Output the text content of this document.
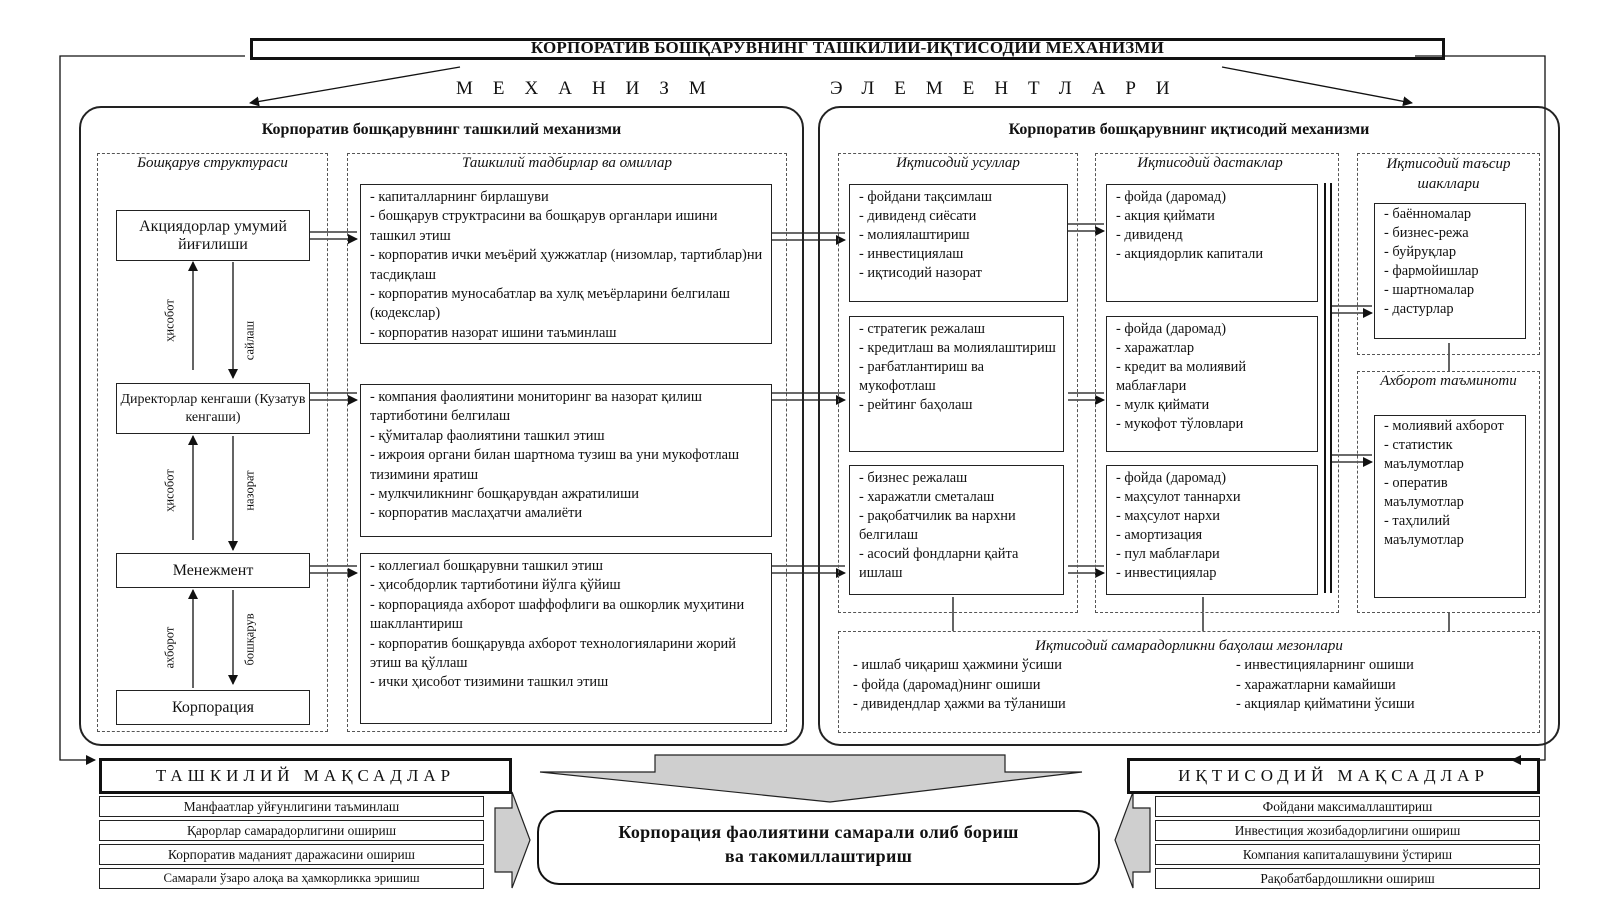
КОРПОРАТИВ БОШҚАРУВНИНГ ТАШКИЛИЙ-ИҚТИСОДИЙ МЕХАНИЗМИ
МЕХАНИЗМ	ЭЛЕМЕНТЛАРИ
Корпоратив бошқарувнинг ташкилий механизми
Бошқарув структураси
Акциядорлар умумий йиғилиши
Директорлар кенгаши (Кузатув кенгаши)
Менежмент
Корпорация
ҳисобот	сайлаш
ҳисобот	назорат
ахборот	бошқарув
Ташкилий тадбирлар ва омиллар
- капиталларнинг бирлашуви
- бошқарув структрасини ва бошқарув органлари ишини ташкил этиш
- корпоратив ички меъёрий ҳужжатлар (низомлар, тартиблар)ни тасдиқлаш
- корпоратив муносабатлар ва хулқ меъёрларини белгилаш (кодекслар)
- корпоратив назорат ишини таъминлаш
- компания фаолиятини мониторинг ва назорат қилиш тартиботини белгилаш
- қўмиталар фаолиятини ташкил этиш
- ижроия органи билан шартнома тузиш ва уни мукофотлаш тизимини яратиш
- мулкчиликнинг бошқарувдан ажратилиши
- корпоратив маслаҳатчи амалиёти
- коллегиал бошқарувни ташкил этиш
- ҳисобдорлик тартиботини йўлга қўйиш
- корпорацияда ахборот шаффофлиги ва ошкорлик муҳитини шакллантириш
- корпоратив бошқарувда ахборот технологияларини жорий этиш ва қўллаш
- ички ҳисобот тизимини ташкил этиш
Корпоратив бошқарувнинг иқтисодий механизми
Иқтисодий усуллар
- фойдани тақсимлаш
- дивиденд сиёсати
- молиялаштириш
- инвестициялаш
- иқтисодий назорат
- стратегик режалаш
- кредитлаш ва молиялаштириш
- рағбатлантириш ва мукофотлаш
- рейтинг баҳолаш
- бизнес режалаш
- харажатли сметалаш
- рақобатчилик ва нархни белгилаш
- асосий фондларни қайта ишлаш
Иқтисодий дастаклар
- фойда (даромад)
- акция қиймати
- дивиденд
- акциядорлик капитали
- фойда (даромад)
- харажатлар
- кредит ва молиявий маблағлари
- мулк қиймати
- мукофот тўловлари
- фойда (даромад)
- маҳсулот таннархи
- маҳсулот нархи
- амортизация
- пул маблағлари
- инвестициялар
Иқтисодий таъсир шакллари
- баённомалар
- бизнес-режа
- буйруқлар
- фармойишлар
- шартномалар
- дастурлар
Ахборот таъминоти
- молиявий ахборот
- статистик маълумотлар
- оператив маълумотлар
- таҳлилий маълумотлар
Иқтисодий самарадорликни баҳолаш мезонлари
- ишлаб чиқариш ҳажмини ўсиши
- фойда (даромад)нинг ошиши
- дивидендлар ҳажми ва тўланиши
- инвестицияларнинг ошиши
- харажатларни камайиши
- акциялар қийматини ўсиши
ТАШКИЛИЙ МАҚСАДЛАР
Манфаатлар уйғунлигини таъминлаш
Қарорлар самарадорлигини ошириш
Корпоратив маданият даражасини ошириш
Самарали ўзаро алоқа ва ҳамкорликка эришиш
ИҚТИСОДИЙ МАҚСАДЛАР
Фойдани максималлаштириш
Инвестиция жозибадорлигини ошириш
Компания капиталашувини ўстириш
Рақобатбардошликни ошириш
Корпорация фаолиятини самарали олиб бориш
ва такомиллаштириш
